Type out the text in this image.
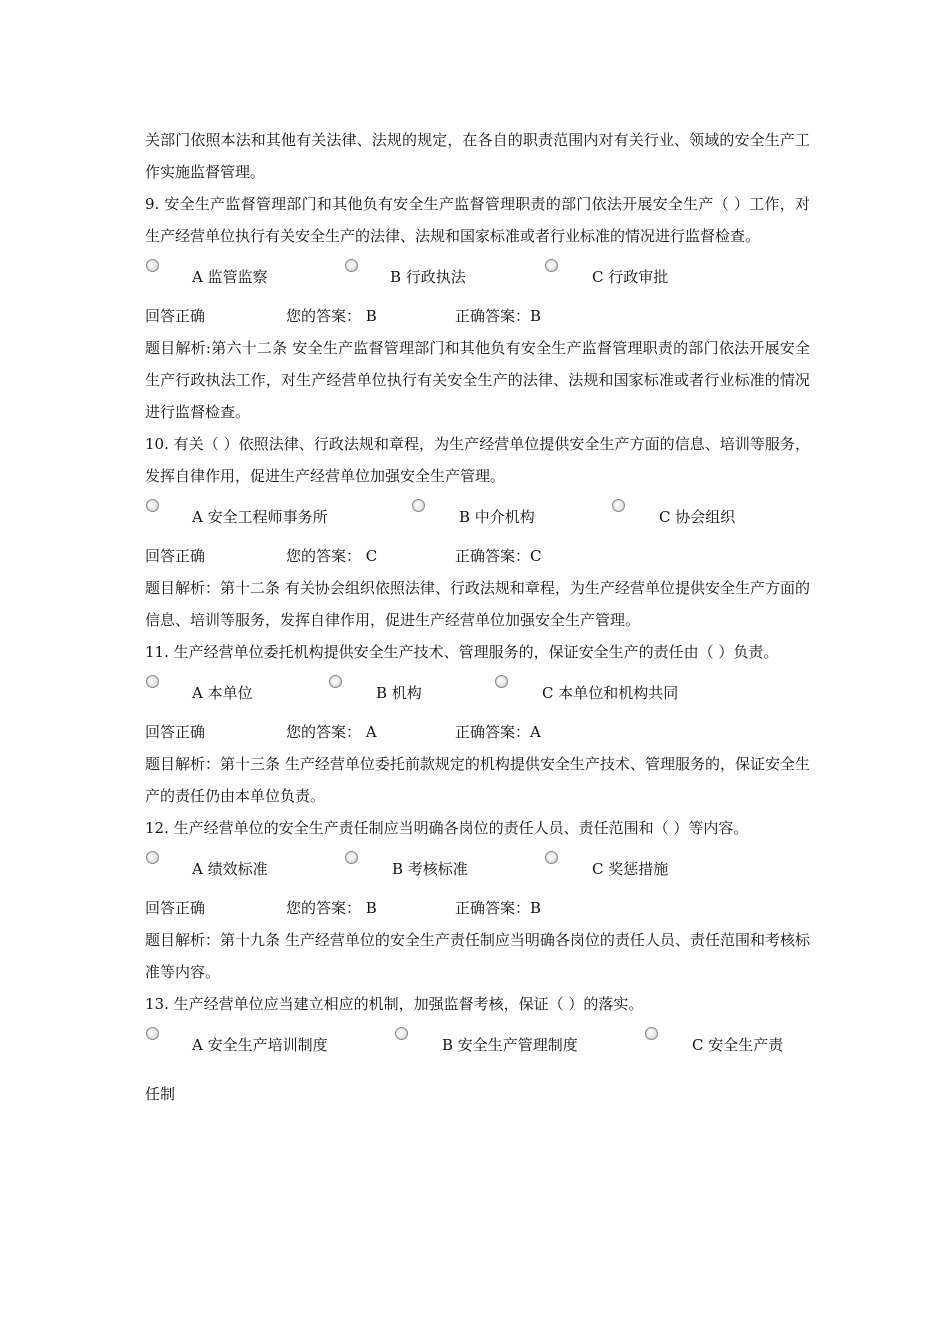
关部门依照本法和其他有关法律、法规的规定，在各自的职责范围内对有关行业、领域的安全生产工作实施监督管理。

9. 安全生产监督管理部门和其他负有安全生产监督管理职责的部门依法开展安全生产（ ）工作，对生产经营单位执行有关安全生产的法律、法规和国家标准或者行业标准的情况进行监督检查。

A 监管监察	B 行政执法	C 行政审批
回答正确	您的答案： B	正确答案：B

题目解析:第六十二条 安全生产监督管理部门和其他负有安全生产监督管理职责的部门依法开展安全生产行政执法工作，对生产经营单位执行有关安全生产的法律、法规和国家标准或者行业标准的情况进行监督检查。

10. 有关（ ）依照法律、行政法规和章程，为生产经营单位提供安全生产方面的信息、培训等服务，发挥自律作用，促进生产经营单位加强安全生产管理。

A 安全工程师事务所	B 中介机构	C 协会组织
回答正确	您的答案： C	正确答案：C

题目解析：第十二条 有关协会组织依照法律、行政法规和章程，为生产经营单位提供安全生产方面的信息、培训等服务，发挥自律作用，促进生产经营单位加强安全生产管理。

11. 生产经营单位委托机构提供安全生产技术、管理服务的，保证安全生产的责任由（ ）负责。

A 本单位	B 机构	C 本单位和机构共同
回答正确	您的答案： A	正确答案：A

题目解析：第十三条 生产经营单位委托前款规定的机构提供安全生产技术、管理服务的，保证安全生产的责任仍由本单位负责。

12. 生产经营单位的安全生产责任制应当明确各岗位的责任人员、责任范围和（ ）等内容。

A 绩效标准	B 考核标准	C 奖惩措施
回答正确	您的答案： B	正确答案：B

题目解析：第十九条 生产经营单位的安全生产责任制应当明确各岗位的责任人员、责任范围和考核标准等内容。

13. 生产经营单位应当建立相应的机制，加强监督考核，保证（ ）的落实。

A 安全生产培训制度	B 安全生产管理制度	C 安全生产责

任制
